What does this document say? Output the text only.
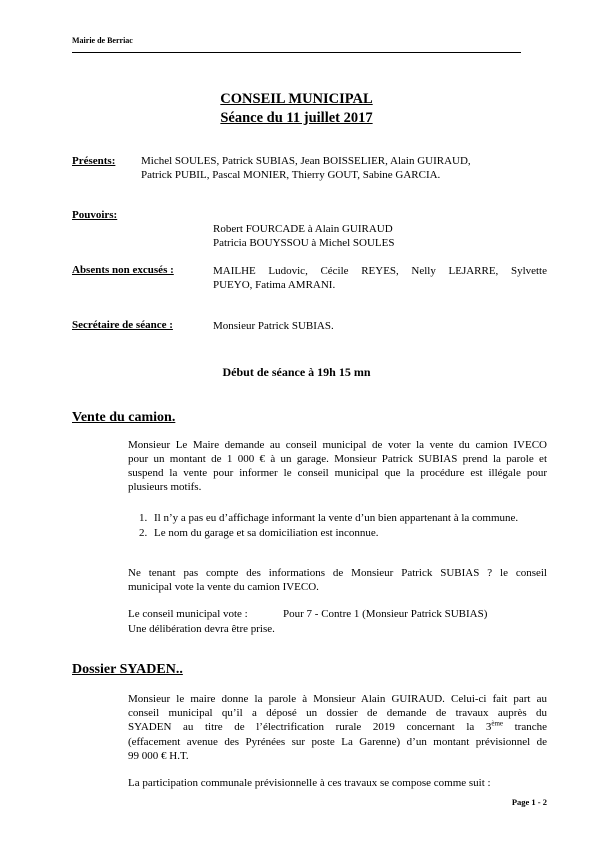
Mairie de Berriac
CONSEIL MUNICIPAL
Séance du 11 juillet 2017
Présents: Michel SOULES, Patrick SUBIAS, Jean BOISSELIER, Alain GUIRAUD,
Patrick PUBIL, Pascal MONIER, Thierry GOUT, Sabine GARCIA.
Pouvoirs:
Robert FOURCADE à Alain GUIRAUD
Patricia BOUYSSOU à Michel SOULES
Absents non excusés :	MAILHE Ludovic, Cécile REYES, Nelly LEJARRE, Sylvette
PUEYO, Fatima AMRANI.
Secrétaire de séance :	Monsieur Patrick SUBIAS.
Début de séance à 19h 15 mn
Vente du camion.
Monsieur Le Maire demande au conseil municipal de voter la vente du camion IVECO
pour un montant de 1 000 € à un garage. Monsieur Patrick SUBIAS prend la parole et
suspend la vente pour informer le conseil municipal que la procédure est illégale pour
plusieurs motifs.
1. Il n’y a pas eu d’affichage informant la vente d’un bien appartenant à la commune.
2. Le nom du garage et sa domiciliation est inconnue.
Ne tenant pas compte des informations de Monsieur Patrick SUBIAS ? le conseil
municipal vote la vente du camion IVECO.
Le conseil municipal vote :	Pour 7 - Contre 1 (Monsieur Patrick SUBIAS)
Une délibération devra être prise.
Dossier SYADEN..
Monsieur le maire donne la parole à Monsieur Alain GUIRAUD. Celui-ci fait part au
conseil municipal qu’il a déposé un dossier de demande de travaux auprès du
SYADEN au titre de l’électrification rurale 2019 concernant la 3ème tranche
(effacement avenue des Pyrénées sur poste La Garenne) d’un montant prévisionnel de
99 000 € H.T.
La participation communale prévisionnelle à ces travaux se compose comme suit :
Page 1 - 2
